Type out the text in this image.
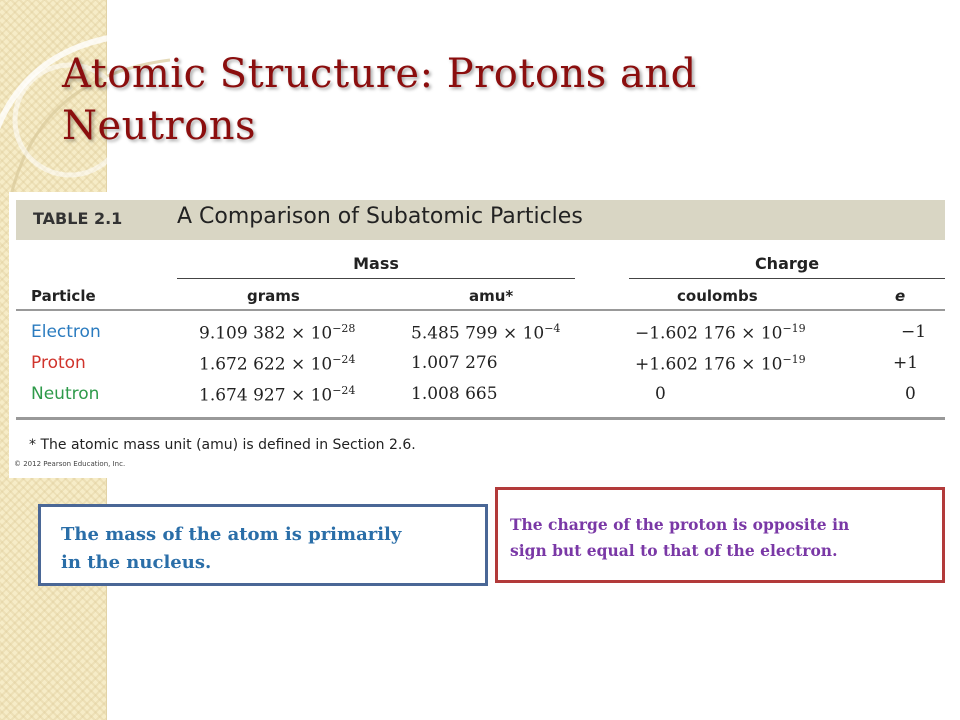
Atomic Structure: Protons and
Neutrons
TABLE 2.1 A Comparison of Subatomic Particles
Mass	Charge
Particle	grams	amu*	coulombs	e
Electron	9.109 $382 \times 10^{-28}$	5.485 $799 \times 10^{-4}$	−1.602 $176 \times 10^{-19}$	−1
Proton	1.672 $622 \times 10^{-24}$	1.007 276	+1.602 $176 \times 10^{-19}$	+1
Neutron	1.674 $927 \times 10^{-24}$	1.008 665	0	0
* The atomic mass unit (amu) is defined in Section 2.6.
© 2012 Pearson Education, Inc.
The mass of the atom is primarily
in the nucleus.
The charge of the proton is opposite in
sign but equal to that of the electron.
